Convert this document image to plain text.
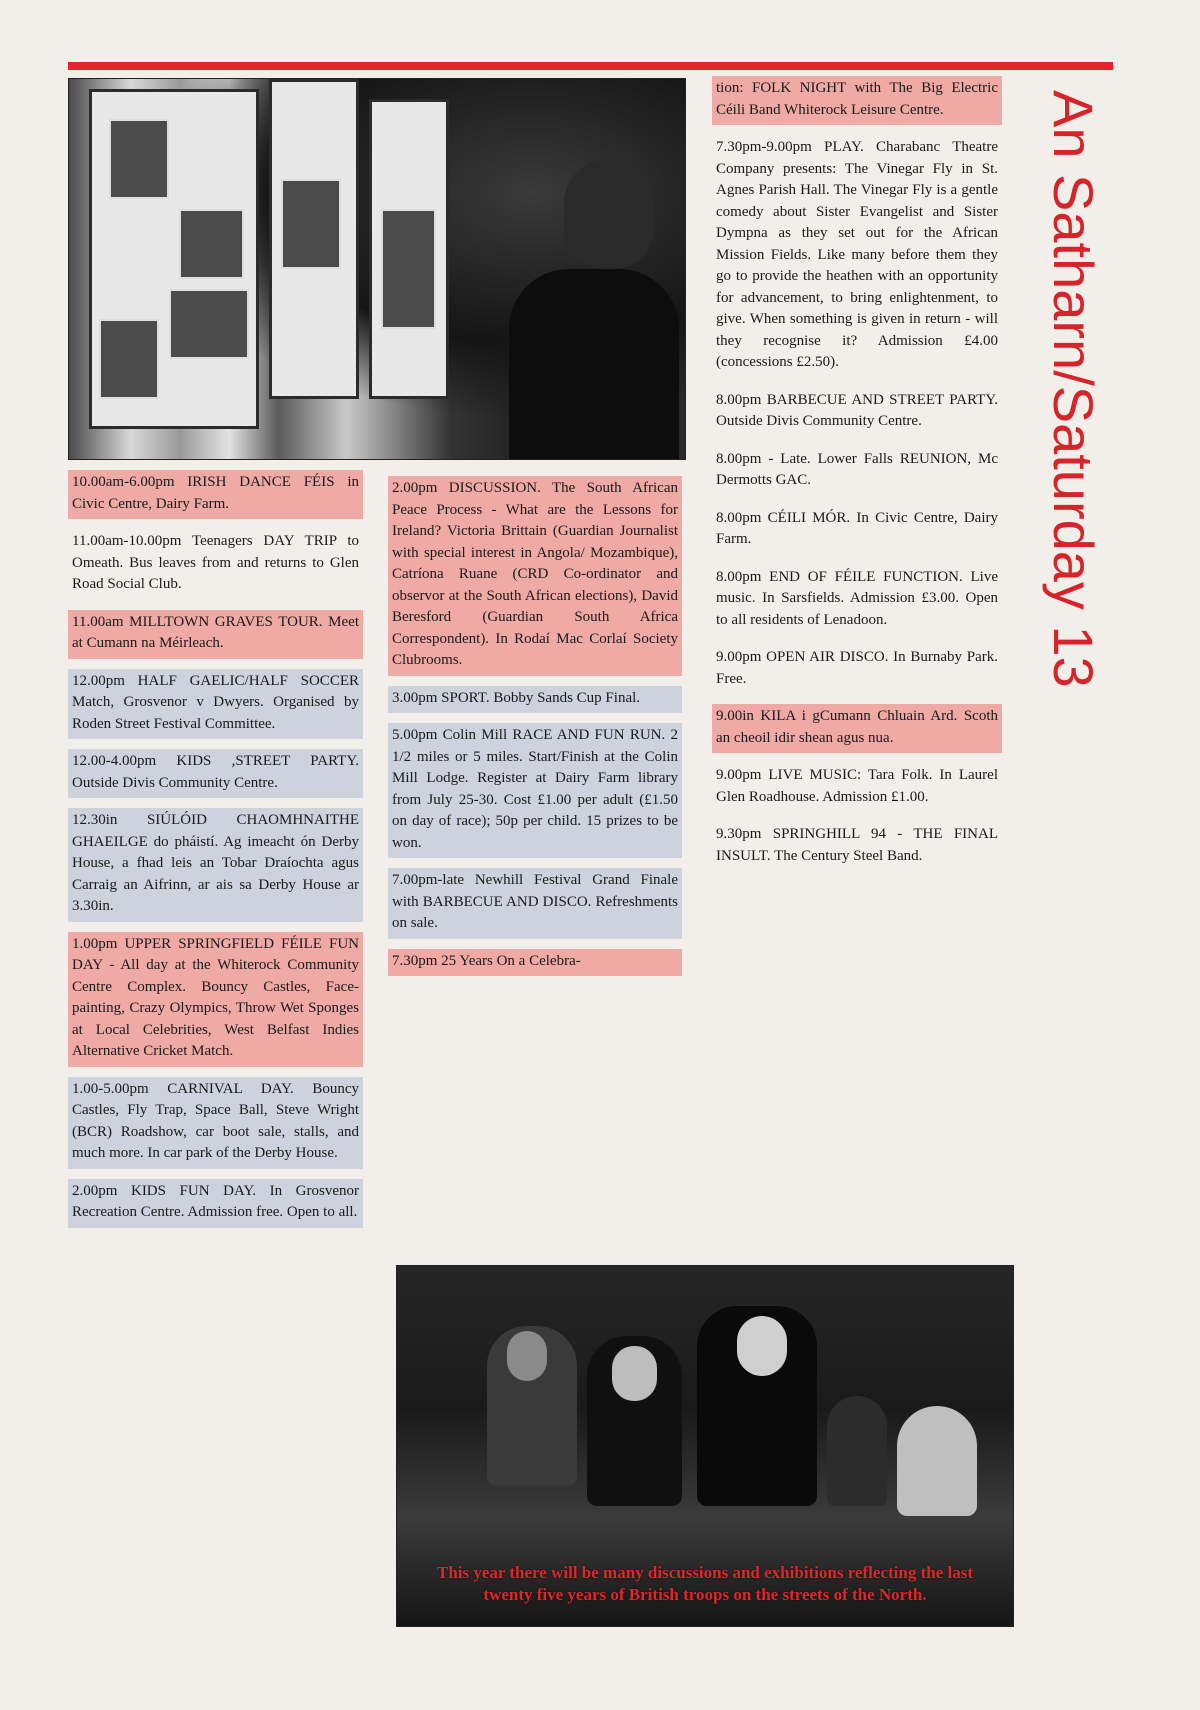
An Satharn/Saturday 13
10.00am-6.00pm IRISH DANCE FÉIS in Civic Centre, Dairy Farm.
11.00am-10.00pm Teenagers DAY TRIP to Omeath. Bus leaves from and returns to Glen Road Social Club.
11.00am MILLTOWN GRAVES TOUR. Meet at Cumann na Méirleach.
12.00pm HALF GAELIC/HALF SOCCER Match, Grosvenor v Dwyers. Organised by Roden Street Festival Committee.
12.00-4.00pm KIDS ,STREET PARTY. Outside Divis Community Centre.
12.30in SIÚLÓID CHAOMHNAITHE GHAEILGE do pháistí. Ag imeacht ón Derby House, a fhad leis an Tobar Draíochta agus Carraig an Aifrinn, ar ais sa Derby House ar 3.30in.
1.00pm UPPER SPRINGFIELD FÉILE FUN DAY - All day at the Whiterock Community Centre Complex. Bouncy Castles, Face-painting, Crazy Olympics, Throw Wet Sponges at Local Celebrities, West Belfast Indies Alternative Cricket Match.
1.00-5.00pm CARNIVAL DAY. Bouncy Castles, Fly Trap, Space Ball, Steve Wright (BCR) Roadshow, car boot sale, stalls, and much more. In car park of the Derby House.
2.00pm KIDS FUN DAY. In Grosvenor Recreation Centre. Admission free. Open to all.
2.00pm DISCUSSION. The South African Peace Process - What are the Lessons for Ireland? Victoria Brittain (Guardian Journalist with special interest in Angola/ Mozambique), Catríona Ruane (CRD Co-ordinator and observor at the South African elections), David Beresford (Guardian South Africa Correspondent). In Rodaí Mac Corlaí Society Clubrooms.
3.00pm SPORT. Bobby Sands Cup Final.
5.00pm Colin Mill RACE AND FUN RUN. 2 1/2 miles or 5 miles. Start/Finish at the Colin Mill Lodge. Register at Dairy Farm library from July 25-30. Cost £1.00 per adult (£1.50 on day of race); 50p per child. 15 prizes to be won.
7.00pm-late Newhill Festival Grand Finale with BARBECUE AND DISCO. Refreshments on sale.
7.30pm 25 Years On a Celebra-
tion: FOLK NIGHT with The Big Electric Céili Band Whiterock Leisure Centre.
7.30pm-9.00pm PLAY. Charabanc Theatre Company presents: The Vinegar Fly in St. Agnes Parish Hall. The Vinegar Fly is a gentle comedy about Sister Evangelist and Sister Dympna as they set out for the African Mission Fields. Like many before them they go to provide the heathen with an opportunity for advancement, to bring enlightenment, to give. When something is given in return - will they recognise it? Admission £4.00 (concessions £2.50).
8.00pm BARBECUE AND STREET PARTY. Outside Divis Community Centre.
8.00pm - Late. Lower Falls REUNION, Mc Dermotts GAC.
8.00pm CÉILI MÓR. In Civic Centre, Dairy Farm.
8.00pm END OF FÉILE FUNCTION. Live music. In Sarsfields. Admission £3.00. Open to all residents of Lenadoon.
9.00pm OPEN AIR DISCO. In Burnaby Park. Free.
9.00in KILA i gCumann Chluain Ard. Scoth an cheoil idir shean agus nua.
9.00pm LIVE MUSIC: Tara Folk. In Laurel Glen Roadhouse. Admission £1.00.
9.30pm SPRINGHILL 94 - THE FINAL INSULT. The Century Steel Band.
This year there will be many discussions and exhibitions reflecting the last twenty five years of British troops on the streets of the North.
